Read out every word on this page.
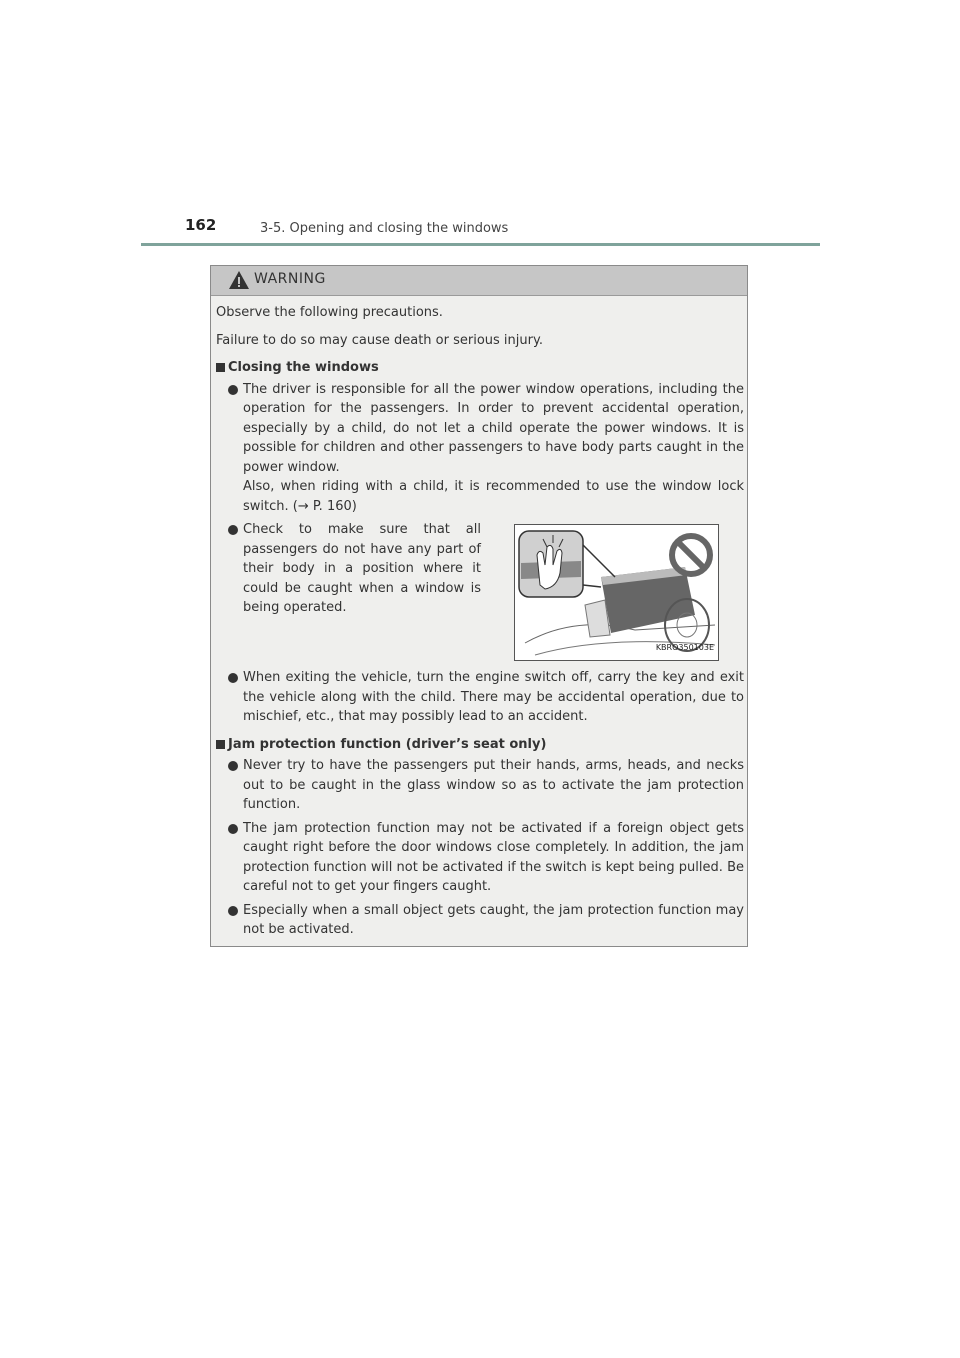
162	3-5. Opening and closing the windows
WARNING

Observe the following precautions.

Failure to do so may cause death or serious injury.

Closing the windows

The driver is responsible for all the power window operations, including the operation for the passengers. In order to prevent accidental operation, especially by a child, do not let a child operate the power windows. It is possible for children and other passengers to have body parts caught in the power window.
Also, when riding with a child, it is recommended to use the window lock switch. (→ P. 160)
Check to make sure that all passengers do not have any part of their body in a position where it could be caught when a window is being operated.
KBRO350103E
When exiting the vehicle, turn the engine switch off, carry the key and exit the vehicle along with the child. There may be accidental operation, due to mischief, etc., that may possibly lead to an accident.

Jam protection function (driver’s seat only)

Never try to have the passengers put their hands, arms, heads, and necks out to be caught in the glass window so as to activate the jam protection function.
The jam protection function may not be activated if a foreign object gets caught right before the door windows close completely. In addition, the jam protection function will not be activated if the switch is kept being pulled. Be careful not to get your fingers caught.
Especially when a small object gets caught, the jam protection function may not be activated.
